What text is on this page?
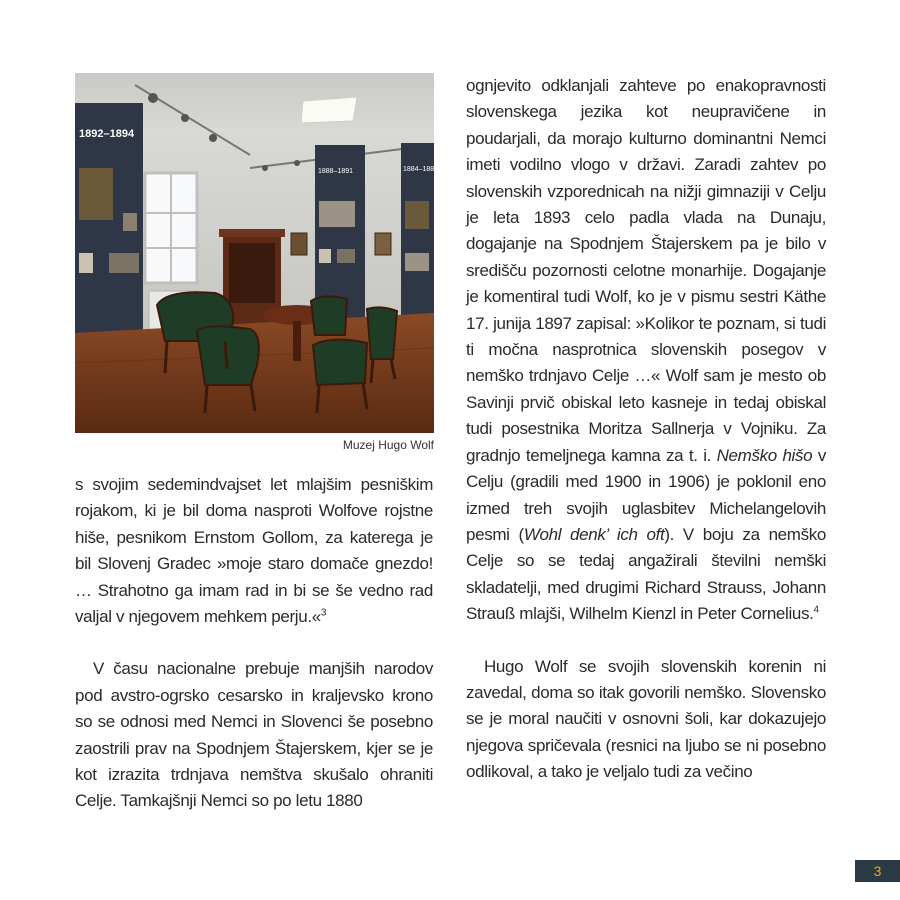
1892–1894
1888–1891	1884–188
Muzej Hugo Wolf

s svojim sedemindvajset let mlajšim pesniškim rojakom, ki je bil doma nasproti Wolfove rojstne hiše, pesnikom Ernstom Gollom, za katerega je bil Slovenj Gradec »moje staro domače gnezdo! … Strahotno ga imam rad in bi se še vedno rad valjal v njegovem mehkem perju.«$^3$

V času nacionalne prebuje manjših narodov pod avstro-ogrsko cesarsko in kraljevsko krono so se odnosi med Nemci in Slovenci še posebno zaostrili prav na Spodnjem Štajerskem, kjer se je kot izrazita trdnjava nemštva skušalo ohraniti Celje. Tamkajšnji Nemci so po letu 1880

ognjevito odklanjali zahteve po enakopravnosti slovenskega jezika kot neupravičene in poudarjali, da morajo kulturno dominantni Nemci imeti vodilno vlogo v državi. Zaradi zahtev po slovenskih vzporednicah na nižji gimnaziji v Celju je leta 1893 celo padla vlada na Dunaju, dogajanje na Spodnjem Štajerskem pa je bilo v središču pozornosti celotne monarhije. Dogajanje je komentiral tudi Wolf, ko je v pismu sestri Käthe 17. junija 1897 zapisal: »Kolikor te poznam, si tudi ti močna nasprotnica slovenskih posegov v nemško trdnjavo Celje …« Wolf sam je mesto ob Savinji prvič obiskal leto kasneje in tedaj obiskal tudi posestnika Moritza Sallnerja v Vojniku. Za gradnjo temeljnega kamna za t. i. Nemško hišo v Celju (gradili med 1900 in 1906) je poklonil eno izmed treh svojih uglasbitev Michelangelovih pesmi (Wohl denk’ ich oft). V boju za nemško Celje so se tedaj angažirali številni nemški skladatelji, med drugimi Richard Strauss, Johann Strauß mlajši, Wilhelm Kienzl in Peter Cornelius.$^4$

Hugo Wolf se svojih slovenskih korenin ni zavedal, doma so itak govorili nemško. Slovensko se je moral naučiti v osnovni šoli, kar dokazujejo njegova spričevala (resnici na ljubo se ni posebno odlikoval, a tako je veljalo tudi za večino

3
